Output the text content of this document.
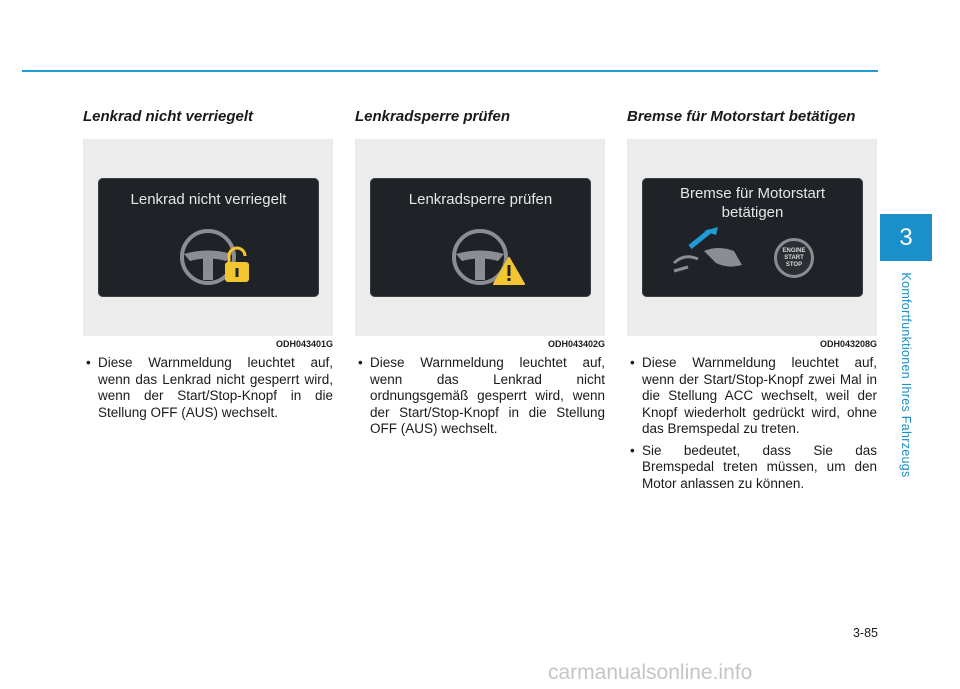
Lenkrad nicht verriegelt
Lenkrad nicht verriegelt
ODH043401G
• Diese Warnmeldung leuchtet auf, wenn das Lenkrad nicht gesperrt wird, wenn der Start/Stop-Knopf in die Stellung OFF (AUS) wechselt.
Lenkradsperre prüfen
Lenkradsperre prüfen
ODH043402G
• Diese Warnmeldung leuchtet auf, wenn das Lenkrad nicht ordnungsgemäß gesperrt wird, wenn der Start/Stop-Knopf in die Stellung OFF (AUS) wechselt.
Bremse für Motorstart betätigen
Bremse für Motorstart betätigen
ENGINE START STOP
ODH043208G
• Diese Warnmeldung leuchtet auf, wenn der Start/Stop-Knopf zwei Mal in die Stellung ACC wechselt, weil der Knopf wiederholt gedrückt wird, ohne das Bremspedal zu treten.
• Sie bedeutet, dass Sie das Bremspedal treten müssen, um den Motor anlassen zu können.
3
Komfortfunktionen Ihres Fahrzeugs
3-85
carmanualsonline.info
